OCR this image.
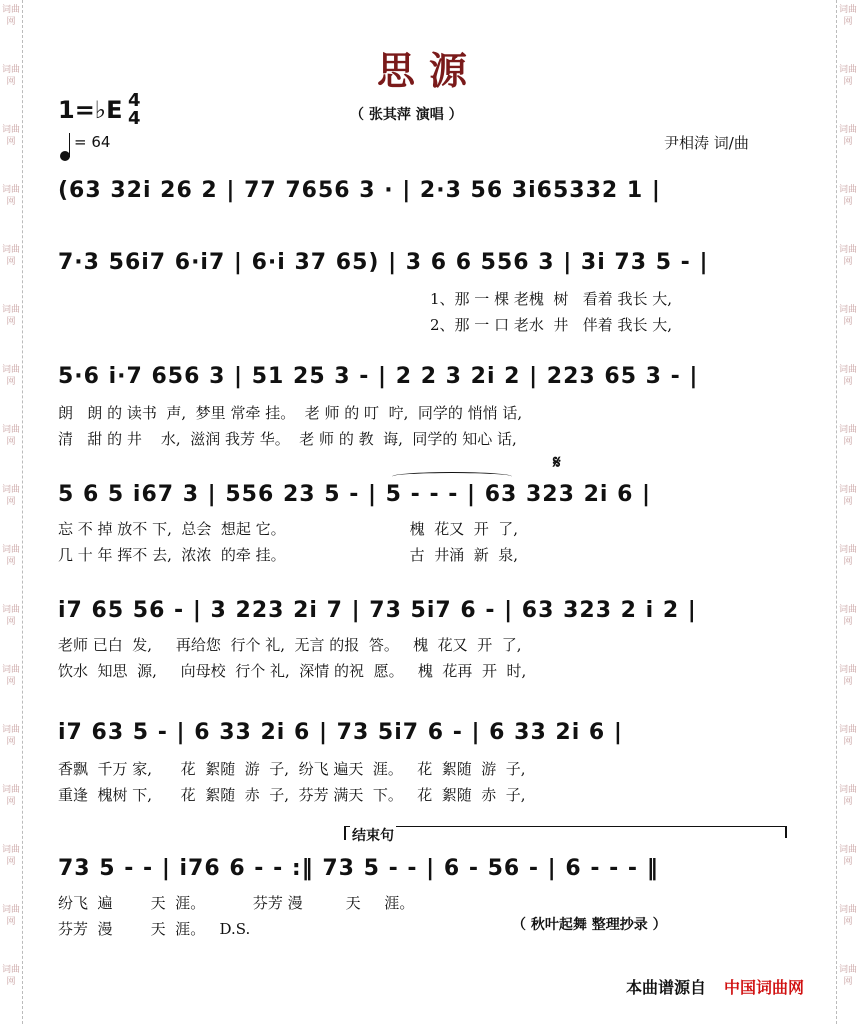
词曲网
词曲网
词曲网
词曲网
词曲网
词曲网
词曲网
词曲网
词曲网
词曲网
词曲网
词曲网
词曲网
词曲网
词曲网
词曲网
词曲网
词曲网
词曲网
词曲网
词曲网
词曲网
词曲网
词曲网
词曲网
词曲网
词曲网
词曲网
词曲网
词曲网
词曲网
词曲网
词曲网
词曲网
思源
1=♭E 4
4
= 64
（ 张其萍 演唱 ）
尹相涛 词/曲
(63 32i 26 2 | 77 7656 3 · | 2·3 56 3i65332 1 |
7·3 56i7 6·i7 | 6·i 37 65) | 3 6 6 556 3 | 3i 73 5 - |
1、那 一 棵 老槐  树   看着 我长 大,
2、那 一 口 老水  井   伴着 我长 大,
5·6 i·7 656 3 | 51 25 3 - | 2 2 3 2i 2 | 223 65 3 - |
朗   朗 的 读书  声,  梦里 常牵 挂。  老 师 的 叮  咛,  同学的 悄悄 话,
清   甜 的 井    水,  滋润 我芳 华。  老 师 的 教  诲,  同学的 知心 话,
𝄋
5 6 5 i67 3 | 556 23 5 - | 5 - - - | 63 323 2i 6 |
忘 不 掉 放不 下,  总会  想起 它。                          槐  花又  开  了,
几 十 年 挥不 去,  浓浓  的牵 挂。                          古  井涌  新  泉,
i7 65 56 - | 3 223 2i 7 | 73 5i7 6 - | 63 323 2 i 2 |
老师 已白  发,     再给您  行个 礼,  无言 的报  答。   槐  花又  开  了,
饮水  知思  源,     向母校  行个 礼,  深情 的祝  愿。   槐  花再  开  时,
i7 63 5 - | 6 33 2i 6 | 73 5i7 6 - | 6 33 2i 6 |
香飘  千万 家,      花  絮随  游  子,  纷飞 遍天  涯。   花  絮随  游  子,
重逢  槐树 下,      花  絮随  赤  子,  芬芳 满天  下。   花  絮随  赤  子,
结束句
73 5 - - | i76 6 - - :‖ 73 5 - - | 6 - 56 - | 6 - - - ‖
纷飞  遍        天  涯。          芬芳 漫         天     涯。
芬芳  漫        天  涯。   D.S.	（ 秋叶起舞 整理抄录 ）
本曲谱源自 中国词曲网
